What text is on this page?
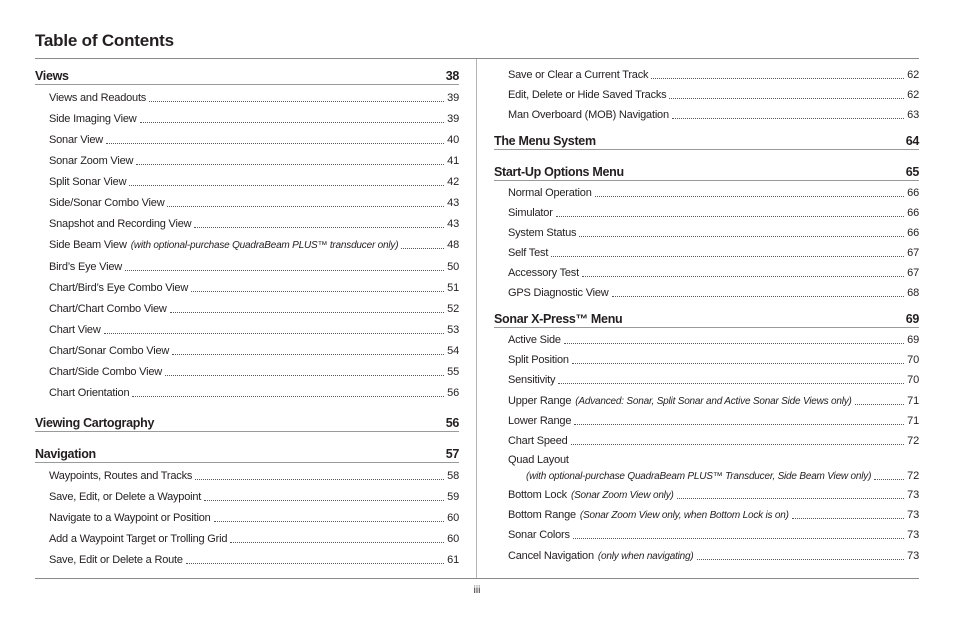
Table of Contents
Views	38
Views and Readouts	39
Side Imaging View	39
Sonar View	40
Sonar Zoom View	41
Split Sonar View	42
Side/Sonar Combo View	43
Snapshot and Recording View	43
Side Beam View (with optional-purchase QuadraBeam PLUS™ transducer only)	48
Bird’s Eye View	50
Chart/Bird’s Eye Combo View	51
Chart/Chart Combo View	52
Chart View	53
Chart/Sonar Combo View	54
Chart/Side Combo View	55
Chart Orientation	56
Viewing Cartography	56
Navigation	57
Waypoints, Routes and Tracks	58
Save, Edit, or Delete a Waypoint	59
Navigate to a Waypoint or Position	60
Add a Waypoint Target or Trolling Grid	60
Save, Edit or Delete a Route	61
Save or Clear a Current Track	62
Edit, Delete or Hide Saved Tracks	62
Man Overboard (MOB) Navigation	63
The Menu System	64
Start-Up Options Menu	65
Normal Operation	66
Simulator	66
System Status	66
Self Test	67
Accessory Test	67
GPS Diagnostic View	68
Sonar X-Press™ Menu	69
Active Side	69
Split Position	70
Sensitivity	70
Upper Range (Advanced: Sonar, Split Sonar and Active Sonar Side Views only)	71
Lower Range	71
Chart Speed	72
Quad Layout
(with optional-purchase QuadraBeam PLUS™ Transducer, Side Beam View only)	72
Bottom Lock (Sonar Zoom View only)	73
Bottom Range (Sonar Zoom View only, when Bottom Lock is on)	73
Sonar Colors	73
Cancel Navigation (only when navigating)	73
iii
